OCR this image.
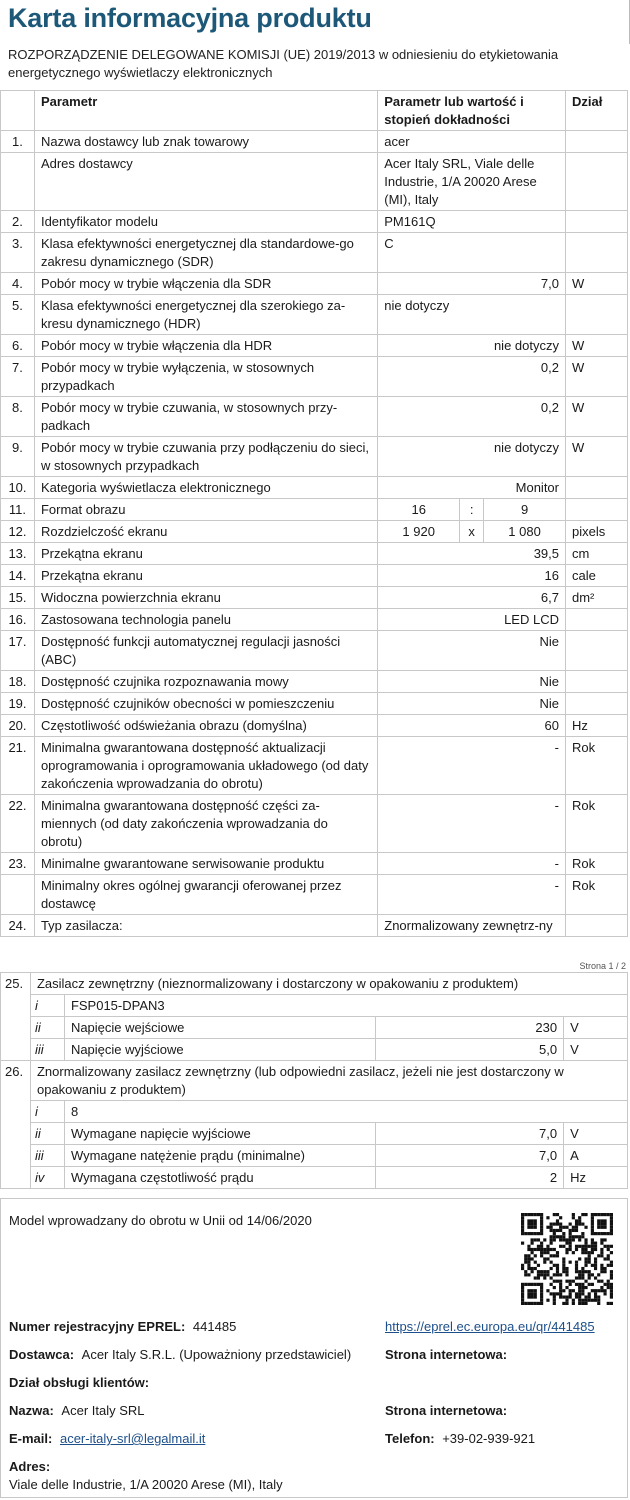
Karta informacyjna produktu
ROZPORZĄDZENIE DELEGOWANE KOMISJI (UE) 2019/2013 w odniesieniu do etykietowania energetycznego wyświetlaczy elektronicznych
	Parametr	Parametr lub wartość i stopień dokładności			Dział
1.	Nazwa dostawcy lub znak towarowy	acer			
	Adres dostawcy	Acer Italy SRL, Viale delle Industrie, 1/A 20020 Arese (MI), Italy			
2.	Identyfikator modelu	PM161Q			
3.	Klasa efektywności energetycznej dla standardowe-go zakresu dynamicznego (SDR)	C			
4.	Pobór mocy w trybie włączenia dla SDR	7,0			W
5.	Klasa efektywności energetycznej dla szerokiego za-kresu dynamicznego (HDR)	nie dotyczy			
6.	Pobór mocy w trybie włączenia dla HDR	nie dotyczy			W
7.	Pobór mocy w trybie wyłączenia, w stosownych przypadkach	0,2			W
8.	Pobór mocy w trybie czuwania, w stosownych przy-padkach	0,2			W
9.	Pobór mocy w trybie czuwania przy podłączeniu do sieci, w stosownych przypadkach	nie dotyczy			W
10.	Kategoria wyświetlacza elektronicznego	Monitor			
11.	Format obrazu	16	:	9	
12.	Rozdzielczość ekranu	1 920	x	1 080	pixels
13.	Przekątna ekranu	39,5			cm
14.	Przekątna ekranu	16			cale
15.	Widoczna powierzchnia ekranu	6,7			dm²
16.	Zastosowana technologia panelu	LED LCD			
17.	Dostępność funkcji automatycznej regulacji jasności (ABC)	Nie			
18.	Dostępność czujnika rozpoznawania mowy	Nie			
19.	Dostępność czujników obecności w pomieszczeniu	Nie			
20.	Częstotliwość odświeżania obrazu (domyślna)	60			Hz
21.	Minimalna gwarantowana dostępność aktualizacji oprogramowania i oprogramowania układowego (od daty zakończenia wprowadzania do obrotu)	-			Rok
22.	Minimalna gwarantowana dostępność części za-miennych (od daty zakończenia wprowadzania do obrotu)	-			Rok
23.	Minimalne gwarantowane serwisowanie produktu	-			Rok
	Minimalny okres ogólnej gwarancji oferowanej przez dostawcę	-			Rok
24.	Typ zasilacza:	Znormalizowany zewnętrz-ny			
Strona 1 / 2
25.	Zasilacz zewnętrzny (nieznormalizowany i dostarczony w opakowaniu z produktem)			
	i	FSP015-DPAN3		
	ii	Napięcie wejściowe	230	V
	iii	Napięcie wyjściowe	5,0	V
26.	Znormalizowany zasilacz zewnętrzny (lub odpowiedni zasilacz, jeżeli nie jest dostarczony w opakowaniu z produktem)			
	i	8		
	ii	Wymagane napięcie wyjściowe	7,0	V
	iii	Wymagane natężenie prądu (minimalne)	7,0	A
	iv	Wymagana częstotliwość prądu	2	Hz
Model wprowadzany do obrotu w Unii od 14/06/2020
Numer rejestracyjny EPREL: 441485	https://eprel.ec.europa.eu/qr/441485
Dostawca: Acer Italy S.R.L. (Upoważniony przedstawiciel)	Strona internetowa:
Dział obsługi klientów:
Nazwa: Acer Italy SRL	Strona internetowa:
E-mail: acer-italy-srl@legalmail.it	Telefon: +39-02-939-921
Adres:
Viale delle Industrie, 1/A 20020 Arese (MI), Italy
